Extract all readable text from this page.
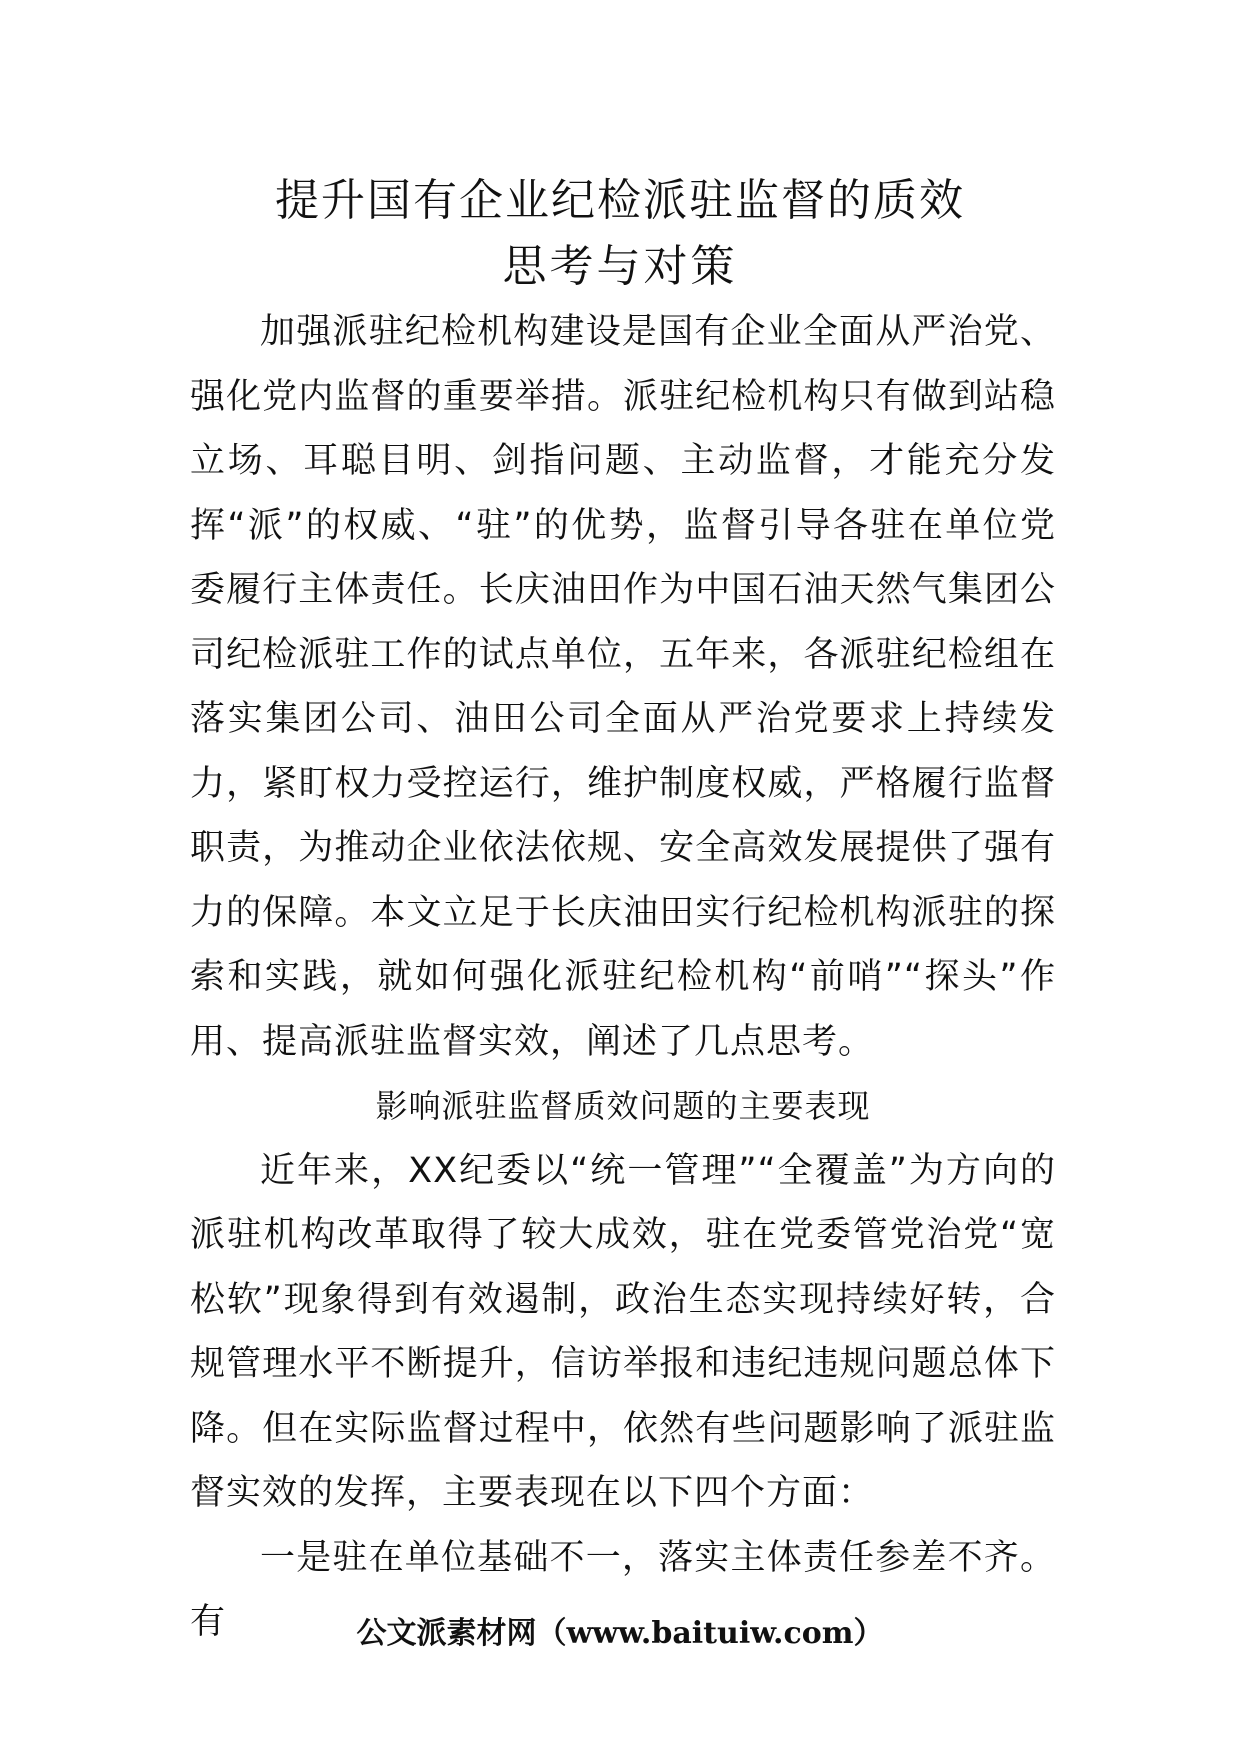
提升国有企业纪检派驻监督的质效
思考与对策

加强派驻纪检机构建设是国有企业全面从严治党、强化党内监督的重要举措。派驻纪检机构只有做到站稳立场、耳聪目明、剑指问题、主动监督，才能充分发挥“派”的权威、“驻”的优势，监督引导各驻在单位党委履行主体责任。长庆油田作为中国石油天然气集团公司纪检派驻工作的试点单位，五年来，各派驻纪检组在落实集团公司、油田公司全面从严治党要求上持续发力，紧盯权力受控运行，维护制度权威，严格履行监督职责，为推动企业依法依规、安全高效发展提供了强有力的保障。本文立足于长庆油田实行纪检机构派驻的探索和实践，就如何强化派驻纪检机构“前哨”“探头”作用、提高派驻监督实效，阐述了几点思考。

影响派驻监督质效问题的主要表现

近年来，XX纪委以“统一管理”“全覆盖”为方向的派驻机构改革取得了较大成效，驻在党委管党治党“宽松软”现象得到有效遏制，政治生态实现持续好转，合规管理水平不断提升，信访举报和违纪违规问题总体下降。但在实际监督过程中，依然有些问题影响了派驻监督实效的发挥，主要表现在以下四个方面：

一是驻在单位基础不一，落实主体责任参差不齐。有	公文派素材网（www.baituiw.com）
